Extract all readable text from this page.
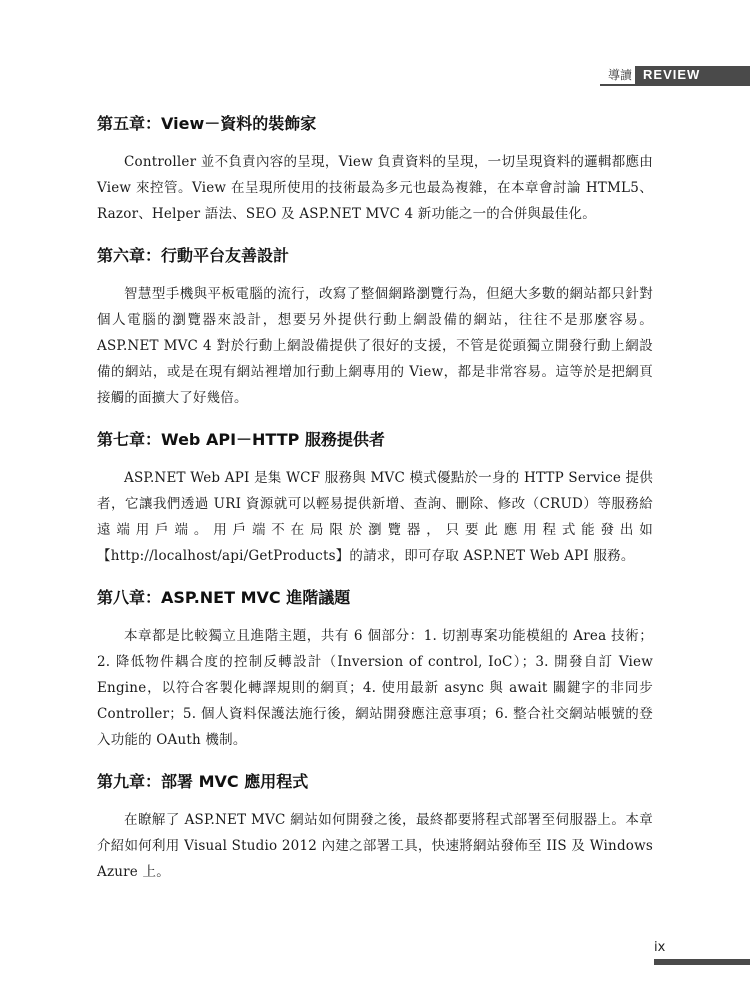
導讀 REVIEW
第五章：View－資料的裝飾家

Controller 並不負責內容的呈現，View 負責資料的呈現，一切呈現資料的邏輯都應由 View 來控管。View 在呈現所使用的技術最為多元也最為複雜，在本章會討論 HTML5、Razor、Helper 語法、SEO 及 ASP.NET MVC 4 新功能之一的合併與最佳化。

第六章：行動平台友善設計

智慧型手機與平板電腦的流行，改寫了整個網路瀏覽行為，但絕大多數的網站都只針對個人電腦的瀏覽器來設計，想要另外提供行動上網設備的網站，往往不是那麼容易。ASP.NET MVC 4 對於行動上網設備提供了很好的支援，不管是從頭獨立開發行動上網設備的網站，或是在現有網站裡增加行動上網專用的 View，都是非常容易。這等於是把網頁接觸的面擴大了好幾倍。

第七章：Web API－HTTP 服務提供者

ASP.NET Web API 是集 WCF 服務與 MVC 模式優點於一身的 HTTP Service 提供者，它讓我們透過 URI 資源就可以輕易提供新增、查詢、刪除、修改（CRUD）等服務給遠端用戶端。用戶端不在局限於瀏覽器，只要此應用程式能發出如【http://localhost/api/GetProducts】的請求，即可存取 ASP.NET Web API 服務。

第八章：ASP.NET MVC 進階議題

本章都是比較獨立且進階主題，共有 6 個部分：1. 切割專案功能模組的 Area 技術；2. 降低物件耦合度的控制反轉設計（Inversion of control, IoC）；3. 開發自訂 View Engine，以符合客製化轉譯規則的網頁；4. 使用最新 async 與 await 關鍵字的非同步 Controller；5. 個人資料保護法施行後，網站開發應注意事項；6. 整合社交網站帳號的登入功能的 OAuth 機制。

第九章：部署 MVC 應用程式

在瞭解了 ASP.NET MVC 網站如何開發之後，最終都要將程式部署至伺服器上。本章介紹如何利用 Visual Studio 2012 內建之部署工具，快速將網站發佈至 IIS 及 Windows Azure 上。

ix
